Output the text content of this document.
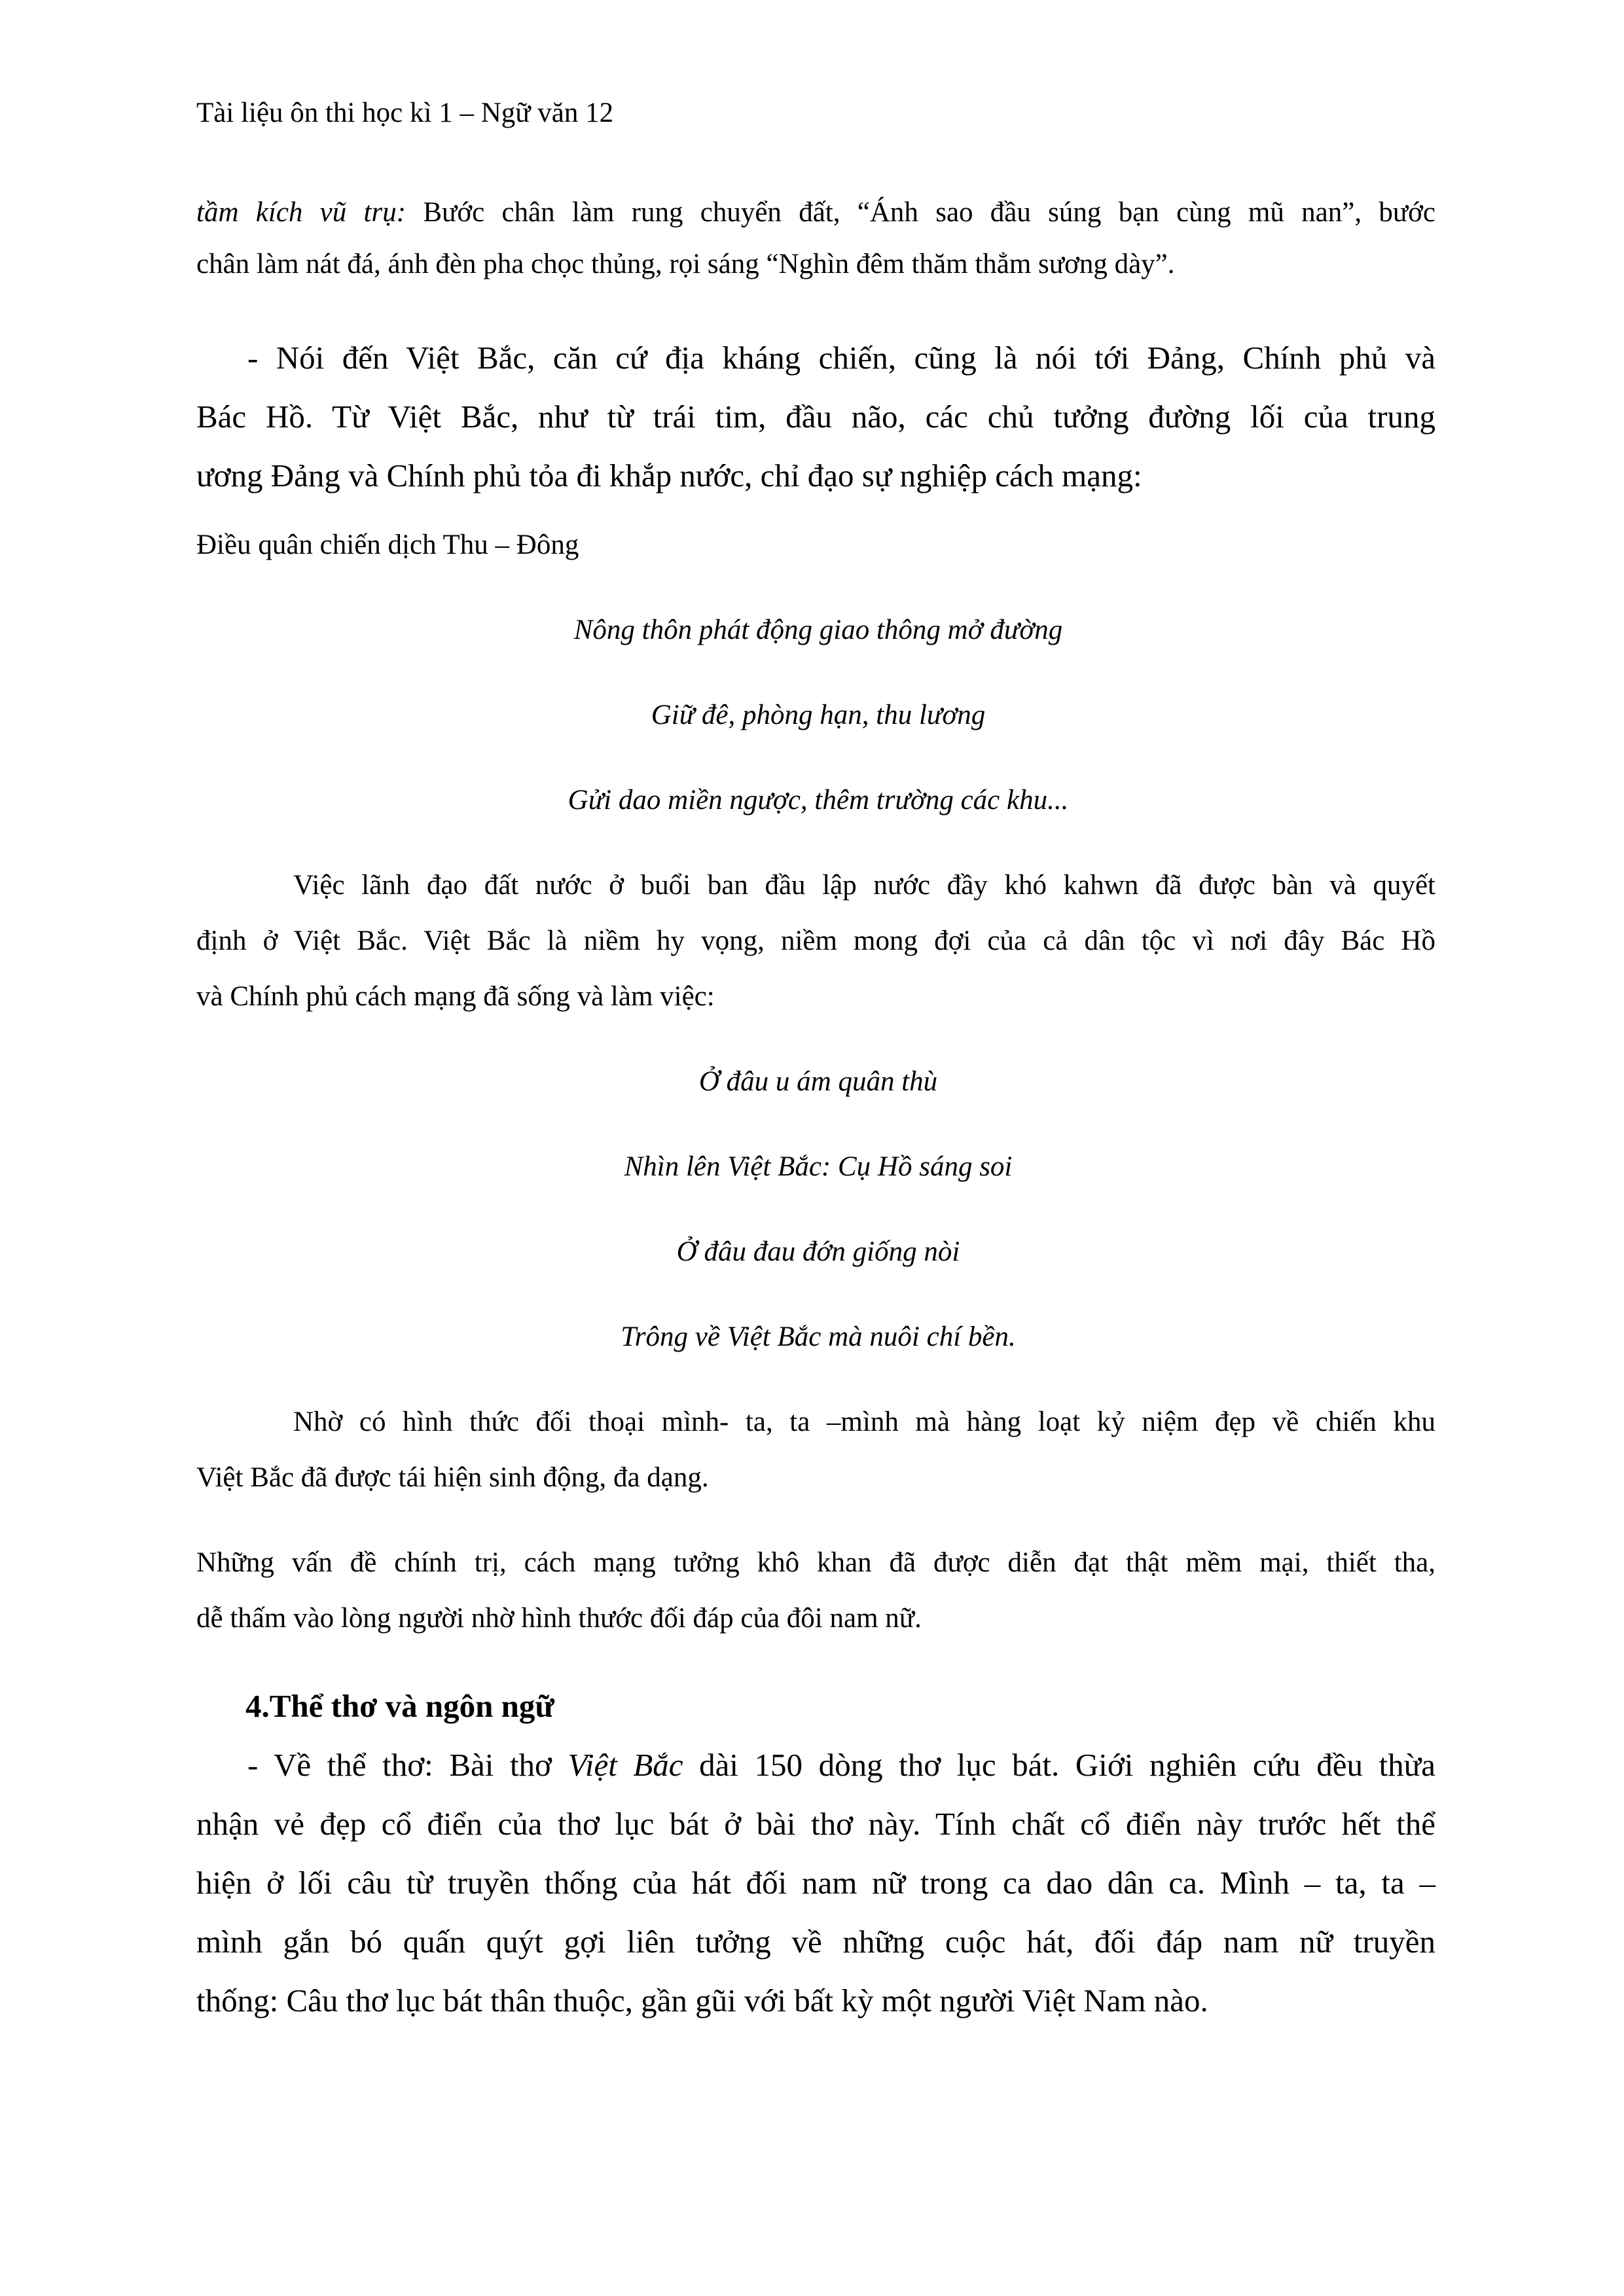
Tài liệu ôn thi học kì 1 – Ngữ văn 12
tầm kích vũ trụ: Bước chân làm rung chuyển đất, “Ánh sao đầu súng bạn cùng mũ nan”, bước
chân làm nát đá, ánh đèn pha chọc thủng, rọi sáng “Nghìn đêm thăm thẳm sương dày”.
- Nói đến Việt Bắc, căn cứ địa kháng chiến, cũng là nói tới Đảng, Chính phủ và
Bác Hồ. Từ Việt Bắc, như từ trái tim, đầu não, các chủ tưởng đường lối của trung
ương Đảng và Chính phủ tỏa đi khắp nước, chỉ đạo sự nghiệp cách mạng:
Điều quân chiến dịch Thu – Đông
Nông thôn phát động giao thông mở đường
Giữ đê, phòng hạn, thu lương
Gửi dao miền ngược, thêm trường các khu...
Việc lãnh đạo đất nước ở buổi ban đầu lập nước đầy khó kahwn đã được bàn và quyết
định ở Việt Bắc. Việt Bắc là niềm hy vọng, niềm mong đợi của cả dân tộc vì nơi đây Bác Hồ
và Chính phủ cách mạng đã sống và làm việc:
Ở đâu u ám quân thù
Nhìn lên Việt Bắc: Cụ Hồ sáng soi
Ở đâu đau đớn giống nòi
Trông về Việt Bắc mà nuôi chí bền.
Nhờ có hình thức đối thoại mình- ta, ta –mình mà hàng loạt kỷ niệm đẹp về chiến khu
Việt Bắc đã được tái hiện sinh động, đa dạng.
Những vấn đề chính trị, cách mạng tưởng khô khan đã được diễn đạt thật mềm mại, thiết tha,
dễ thấm vào lòng người nhờ hình thước đối đáp của đôi nam nữ.
4.Thể thơ và ngôn ngữ
- Về thể thơ: Bài thơ Việt Bắc dài 150 dòng thơ lục bát. Giới nghiên cứu đều thừa
nhận vẻ đẹp cổ điển của thơ lục bát ở bài thơ này. Tính chất cổ điển này trước hết thể
hiện ở lối câu từ truyền thống của hát đối nam nữ trong ca dao dân ca. Mình – ta, ta –
mình gắn bó quấn quýt gợi liên tưởng về những cuộc hát, đối đáp nam nữ truyền
thống: Câu thơ lục bát thân thuộc, gần gũi với bất kỳ một người Việt Nam nào.
